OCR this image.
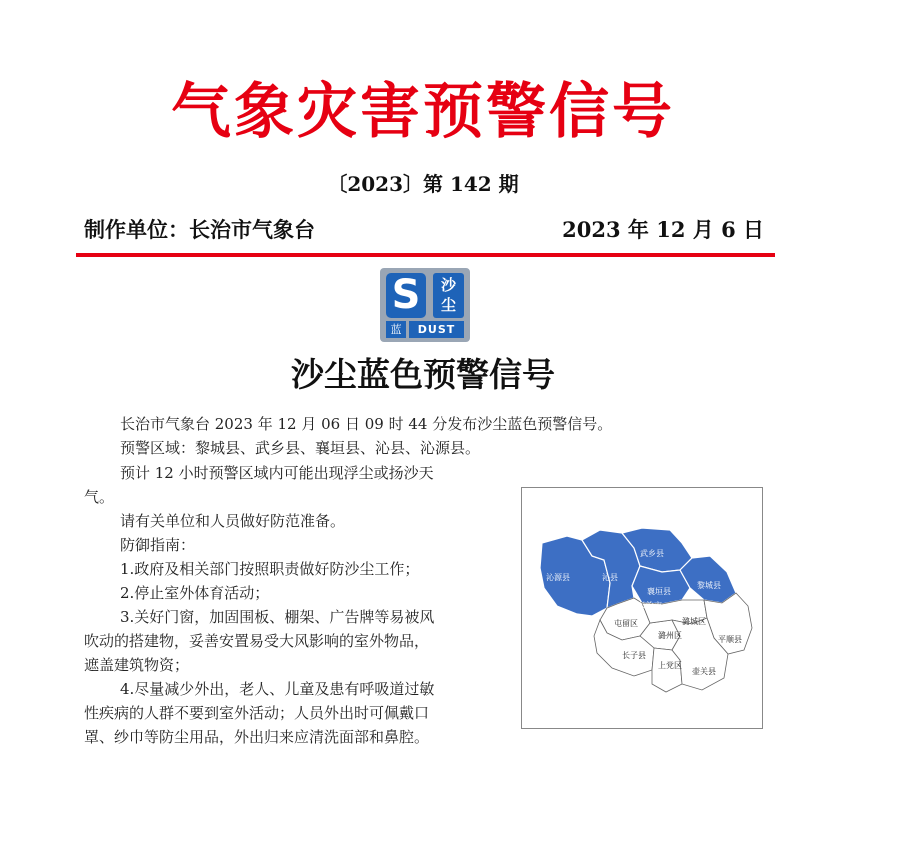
气象灾害预警信号
〔2023〕第 142 期
制作单位：长治市气象台	2023 年 12 月 6 日
S	沙
尘
蓝	DUST
沙尘蓝色预警信号
长治市气象台 2023 年 12 月 06 日 09 时 44 分发布沙尘蓝色预警信号。
预警区域：黎城县、武乡县、襄垣县、沁县、沁源县。
预计 12 小时预警区域内可能出现浮尘或扬沙天
气。
请有关单位和人员做好防范准备。
防御指南：
1.政府及相关部门按照职责做好防沙尘工作；
2.停止室外体育活动；
3.关好门窗，加固围板、棚架、广告牌等易被风
吹动的搭建物，妥善安置易受大风影响的室外物品，
遮盖建筑物资；
4.尽量减少外出，老人、儿童及患有呼吸道过敏
性疾病的人群不要到室外活动；人员外出时可佩戴口
罩、纱巾等防尘用品，外出归来应清洗面部和鼻腔。
沁源县	沁县
武乡县
襄垣县
黎城县
长治市
屯留区	潞城区
潞州区	平顺县
长子县
上党区
壶关县
